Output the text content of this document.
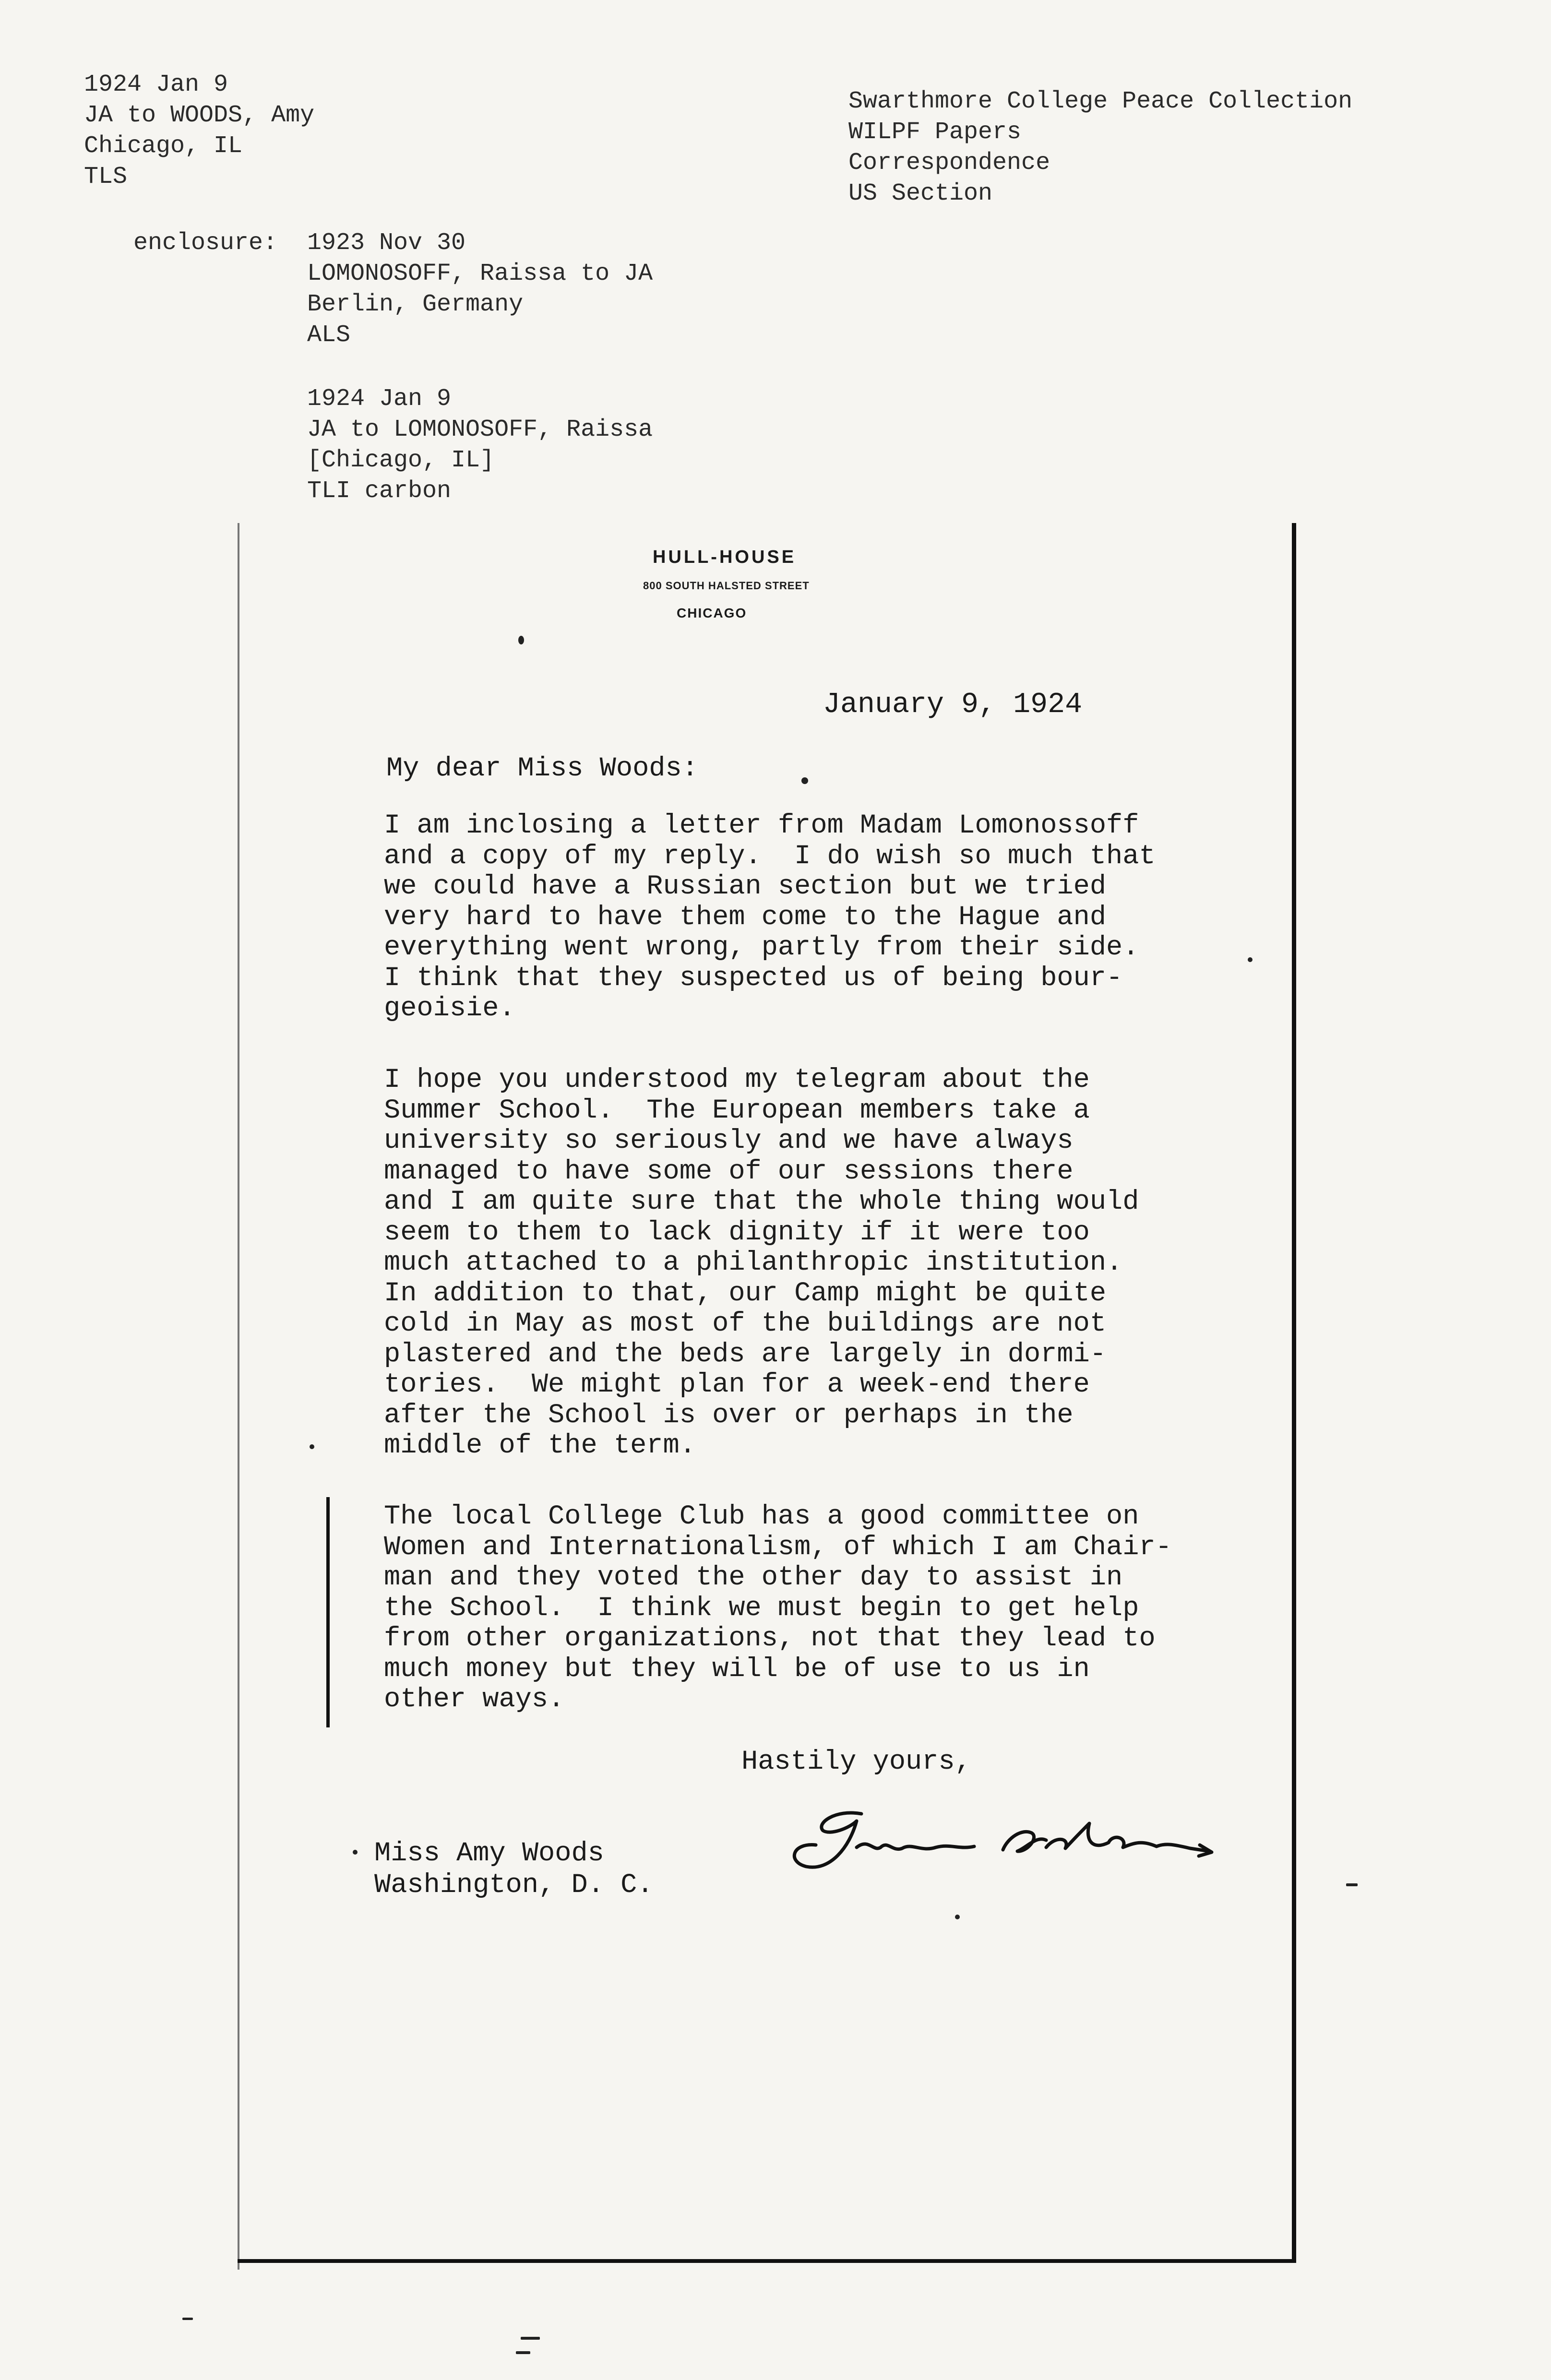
1924 Jan 9
JA to WOODS, Amy
Chicago, IL
TLS
Swarthmore College Peace Collection
WILPF Papers
Correspondence
US Section
enclosure: 1923 Nov 30
LOMONOSOFF, Raissa to JA
Berlin, Germany
ALS
1924 Jan 9
JA to LOMONOSOFF, Raissa
[Chicago, IL]
TLI carbon
HULL-HOUSE
800 SOUTH HALSTED STREET
CHICAGO
January 9, 1924
My dear Miss Woods:
I am inclosing a letter from Madam Lomonossoff
and a copy of my reply.  I do wish so much that
we could have a Russian section but we tried
very hard to have them come to the Hague and
everything went wrong, partly from their side.
I think that they suspected us of being bour-
geoisie.
I hope you understood my telegram about the
Summer School.  The European members take a
university so seriously and we have always
managed to have some of our sessions there
and I am quite sure that the whole thing would
seem to them to lack dignity if it were too
much attached to a philanthropic institution.
In addition to that, our Camp might be quite
cold in May as most of the buildings are not
plastered and the beds are largely in dormi-
tories.  We might plan for a week-end there
after the School is over or perhaps in the
middle of the term.
The local College Club has a good committee on
Women and Internationalism, of which I am Chair-
man and they voted the other day to assist in
the School.  I think we must begin to get help
from other organizations, not that they lead to
much money but they will be of use to us in
other ways.
Hastily yours,
Miss Amy Woods
Washington, D. C.
